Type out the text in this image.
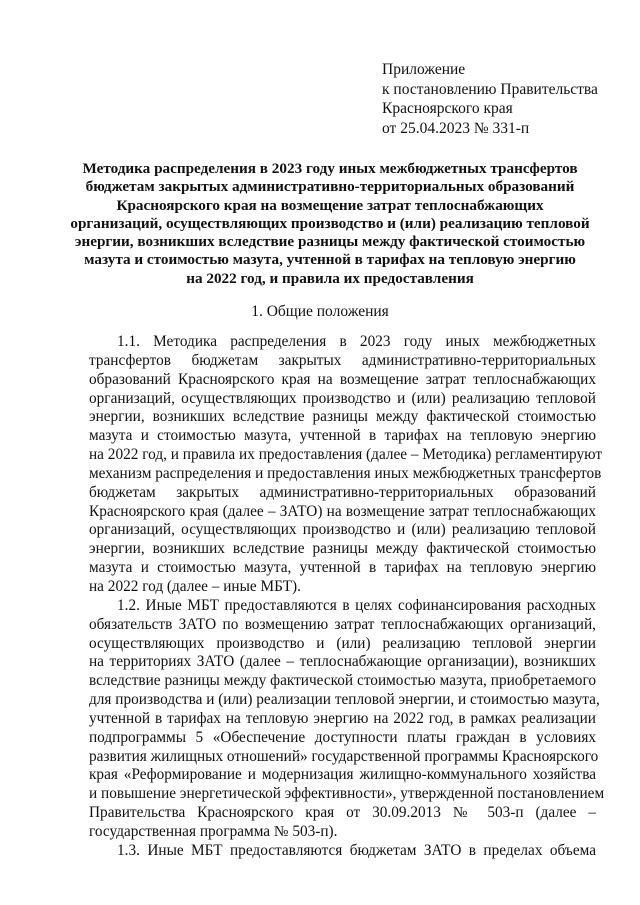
Приложение
к постановлению Правительства
Красноярского края
от 25.04.2023 № 331-п
Методика распределения в 2023 году иных межбюджетных трансфертов
бюджетам закрытых административно-территориальных образований
Красноярского края на возмещение затрат теплоснабжающих
организаций, осуществляющих производство и (или) реализацию тепловой
энергии, возникших вследствие разницы между фактической стоимостью
мазута и стоимостью мазута, учтенной в тарифах на тепловую энергию
на 2022 год, и правила их предоставления
1. Общие положения
1.1. Методика распределения в 2023 году иных межбюджетных
трансфертов бюджетам закрытых административно-территориальных
образований Красноярского края на возмещение затрат теплоснабжающих
организаций, осуществляющих производство и (или) реализацию тепловой
энергии, возникших вследствие разницы между фактической стоимостью
мазута и стоимостью мазута, учтенной в тарифах на тепловую энергию
на 2022 год, и правила их предоставления (далее – Методика) регламентируют
механизм распределения и предоставления иных межбюджетных трансфертов
бюджетам закрытых административно-территориальных образований
Красноярского края (далее – ЗАТО) на возмещение затрат теплоснабжающих
организаций, осуществляющих производство и (или) реализацию тепловой
энергии, возникших вследствие разницы между фактической стоимостью
мазута и стоимостью мазута, учтенной в тарифах на тепловую энергию
на 2022 год (далее – иные МБТ).
1.2. Иные МБТ предоставляются в целях софинансирования расходных
обязательств ЗАТО по возмещению затрат теплоснабжающих организаций,
осуществляющих производство и (или) реализацию тепловой энергии
на территориях ЗАТО (далее – теплоснабжающие организации), возникших
вследствие разницы между фактической стоимостью мазута, приобретаемого
для производства и (или) реализации тепловой энергии, и стоимостью мазута,
учтенной в тарифах на тепловую энергию на 2022 год, в рамках реализации
подпрограммы 5 «Обеспечение доступности платы граждан в условиях
развития жилищных отношений» государственной программы Красноярского
края «Реформирование и модернизация жилищно-коммунального хозяйства
и повышение энергетической эффективности», утвержденной постановлением
Правительства Красноярского края от 30.09.2013 № 503-п (далее –
государственная программа № 503-п).
1.3. Иные МБТ предоставляются бюджетам ЗАТО в пределах объема
